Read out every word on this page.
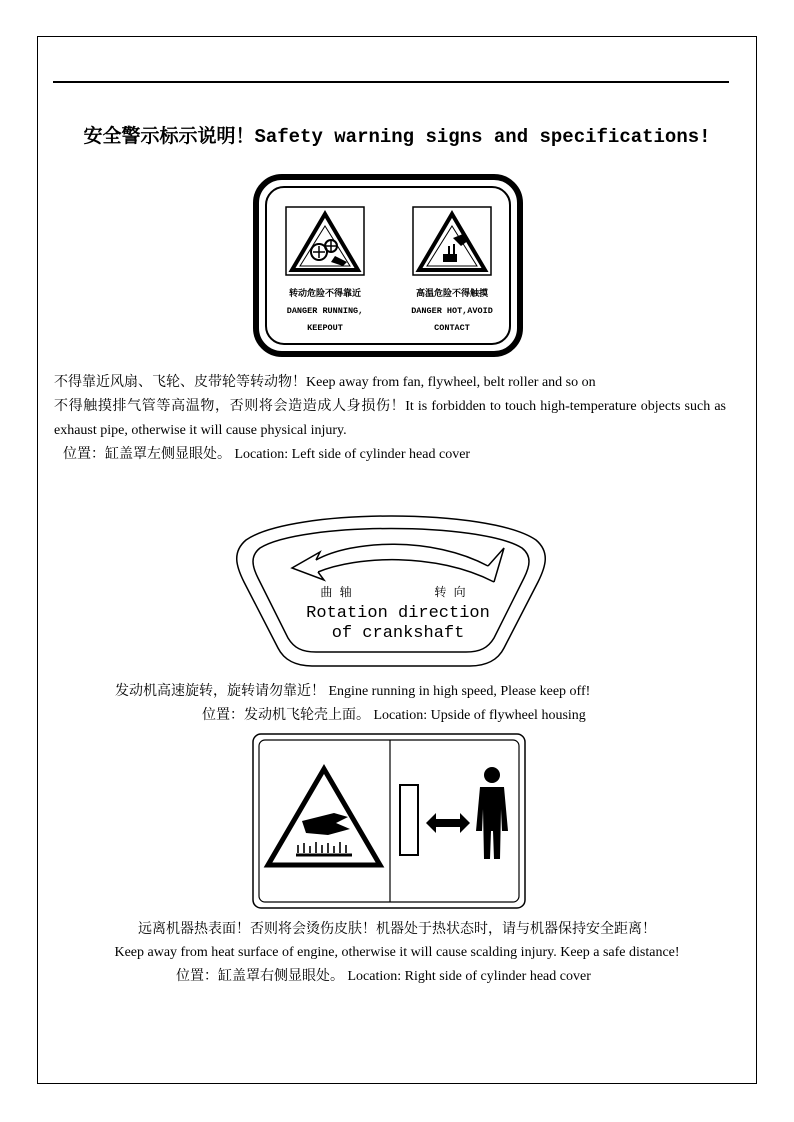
安全警示标示说明！Safety warning signs and specifications!
转动危险不得靠近
DANGER RUNNING,
KEEPOUT
高温危险不得触摸
DANGER HOT,AVOID
CONTACT
不得靠近风扇、飞轮、皮带轮等转动物！Keep away from fan, flywheel, belt roller and so on
不得触摸排气管等高温物，否则将会造造成人身损伤！It is forbidden to touch high-temperature objects such as exhaust pipe, otherwise it will cause physical injury.
位置：缸盖罩左侧显眼处。 Location: Left side of cylinder head cover
曲 轴	转 向
Rotation direction
of crankshaft
发动机高速旋转，旋转请勿靠近！ Engine running in high speed, Please keep off!
位置：发动机飞轮壳上面。 Location: Upside of flywheel housing
远离机器热表面！否则将会烫伤皮肤！机器处于热状态时，请与机器保持安全距离！
Keep away from heat surface of engine, otherwise it will cause scalding injury. Keep a safe distance!
位置：缸盖罩右侧显眼处。 Location: Right side of cylinder head cover
